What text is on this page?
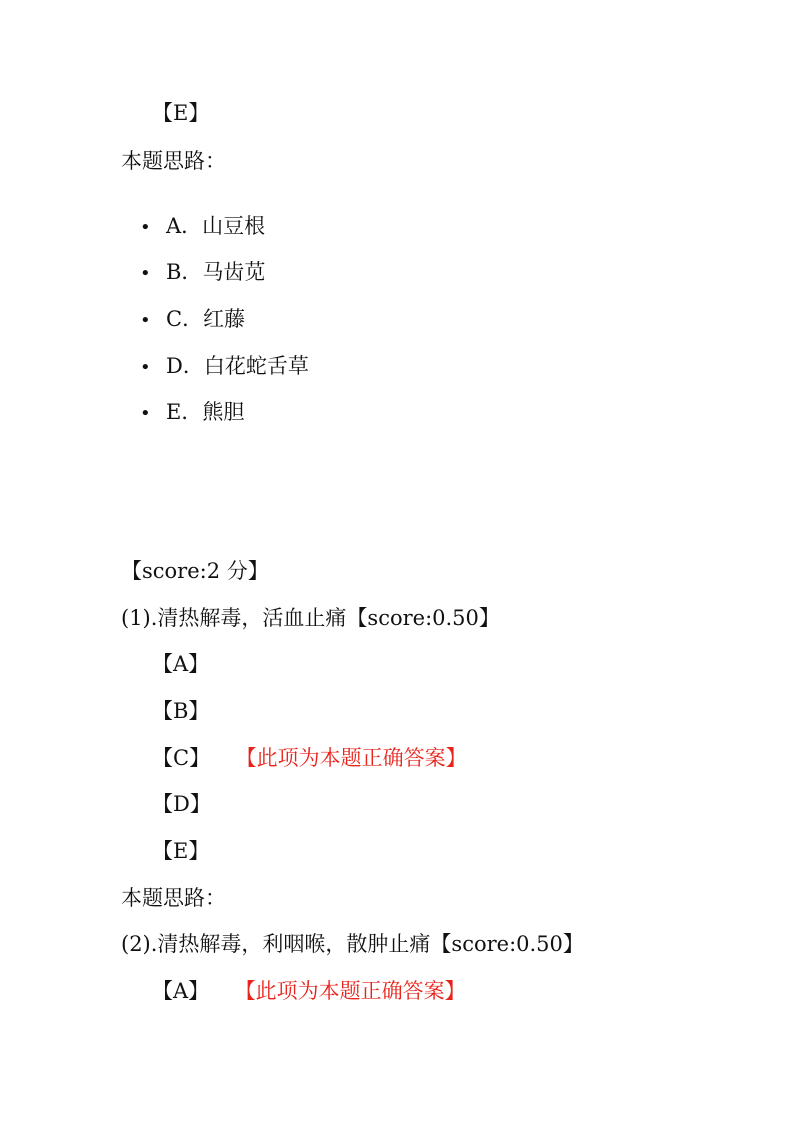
【E】
本题思路：
• A．山豆根
• B．马齿苋
• C．红藤
• D．白花蛇舌草
• E．熊胆
【score:2 分】
(1).清热解毒，活血止痛【score:0.50】
【A】
【B】
【C】 【此项为本题正确答案】
【D】
【E】
本题思路：
(2).清热解毒，利咽喉，散肿止痛【score:0.50】
【A】 【此项为本题正确答案】
